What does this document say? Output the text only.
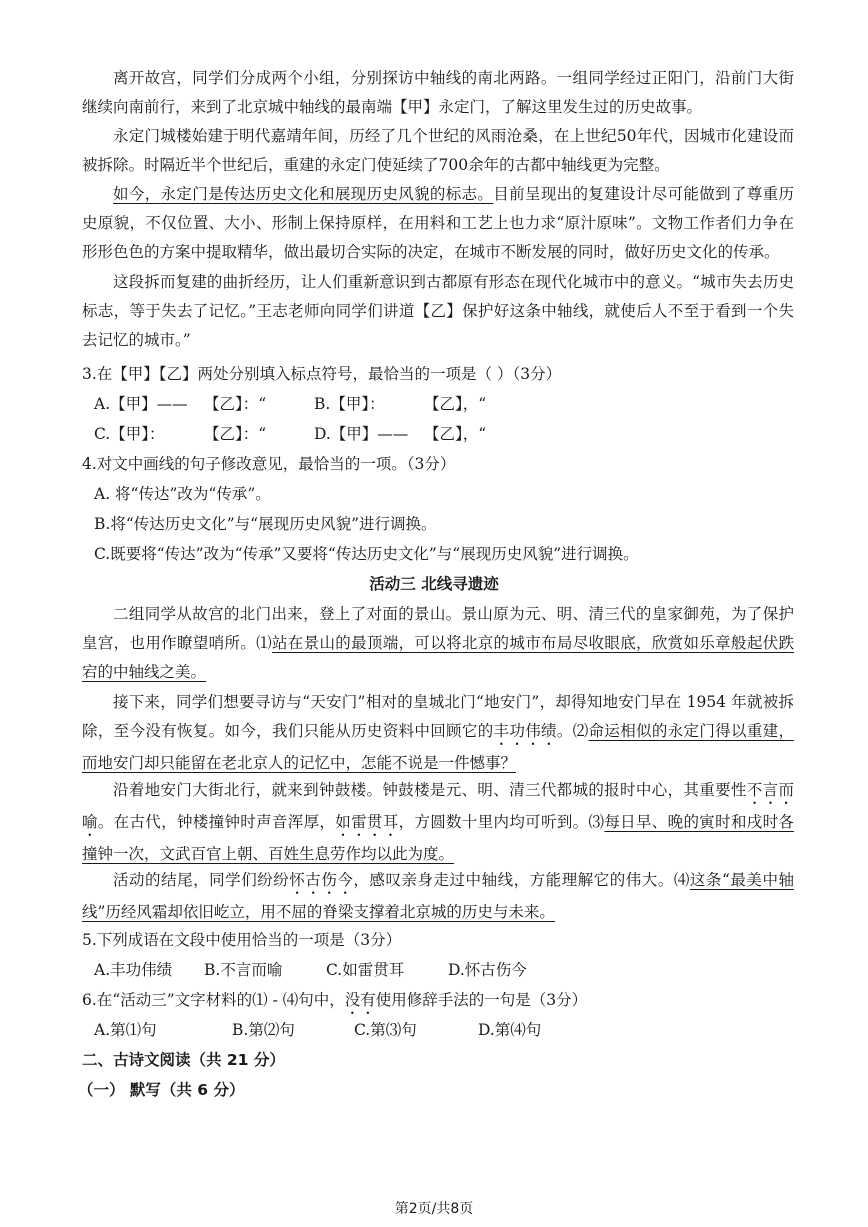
离开故宫，同学们分成两个小组，分别探访中轴线的南北两路。一组同学经过正阳门，沿前门大街继续向南前行，来到了北京城中轴线的最南端【甲】永定门，了解这里发生过的历史故事。
永定门城楼始建于明代嘉靖年间，历经了几个世纪的风雨沧桑，在上世纪50年代，因城市化建设而被拆除。时隔近半个世纪后，重建的永定门使延续了700余年的古都中轴线更为完整。
如今，永定门是传达历史文化和展现历史风貌的标志。目前呈现出的复建设计尽可能做到了尊重历史原貌，不仅位置、大小、形制上保持原样，在用料和工艺上也力求“原汁原味”。文物工作者们力争在形形色色的方案中提取精华，做出最切合实际的决定，在城市不断发展的同时，做好历史文化的传承。
这段拆而复建的曲折经历，让人们重新意识到古都原有形态在现代化城市中的意义。“城市失去历史标志，等于失去了记忆。”王志老师向同学们讲道【乙】保护好这条中轴线，就使后人不至于看到一个失去记忆的城市。”
3.在【甲】【乙】两处分别填入标点符号，最恰当的一项是（ ）（3分）
A.【甲】—— 【乙】：“	B.【甲】：	【乙】，“
C.【甲】：	【乙】：“	D.【甲】—— 【乙】，“
4.对文中画线的句子修改意见，最恰当的一项。（3分）
A. 将“传达”改为“传承”。
B.将“传达历史文化”与“展现历史风貌”进行调换。
C.既要将“传达”改为“传承”又要将“传达历史文化”与“展现历史风貌”进行调换。
活动三 北线寻遗迹
二组同学从故宫的北门出来，登上了对面的景山。景山原为元、明、清三代的皇家御苑，为了保护皇宫，也用作瞭望哨所。⑴站在景山的最顶端，可以将北京的城市布局尽收眼底，欣赏如乐章般起伏跌宕的中轴线之美。
接下来，同学们想要寻访与“天安门”相对的皇城北门“地安门”，却得知地安门早在 1954 年就被拆除，至今没有恢复。如今，我们只能从历史资料中回顾它的丰功伟绩。⑵命运相似的永定门得以重建，而地安门却只能留在老北京人的记忆中，怎能不说是一件憾事？
沿着地安门大街北行，就来到钟鼓楼。钟鼓楼是元、明、清三代都城的报时中心，其重要性不言而喻。在古代，钟楼撞钟时声音浑厚，如雷贯耳，方圆数十里内均可听到。⑶每日早、晚的寅时和戌时各撞钟一次，文武百官上朝、百姓生息劳作均以此为度。
活动的结尾，同学们纷纷怀古伤今，感叹亲身走过中轴线，方能理解它的伟大。⑷这条“最美中轴线”历经风霜却依旧屹立，用不屈的脊梁支撑着北京城的历史与未来。
5.下列成语在文段中使用恰当的一项是（3分）
A.丰功伟绩 B.不言而喻	C.如雷贯耳	D.怀古伤今
6.在“活动三”文字材料的⑴ - ⑷句中，没有使用修辞手法的一句是（3分）
A.第⑴句	B.第⑵句	C.第⑶句	D.第⑷句
二、古诗文阅读（共 21 分）
（一） 默写（共 6 分）
第2页/共8页
